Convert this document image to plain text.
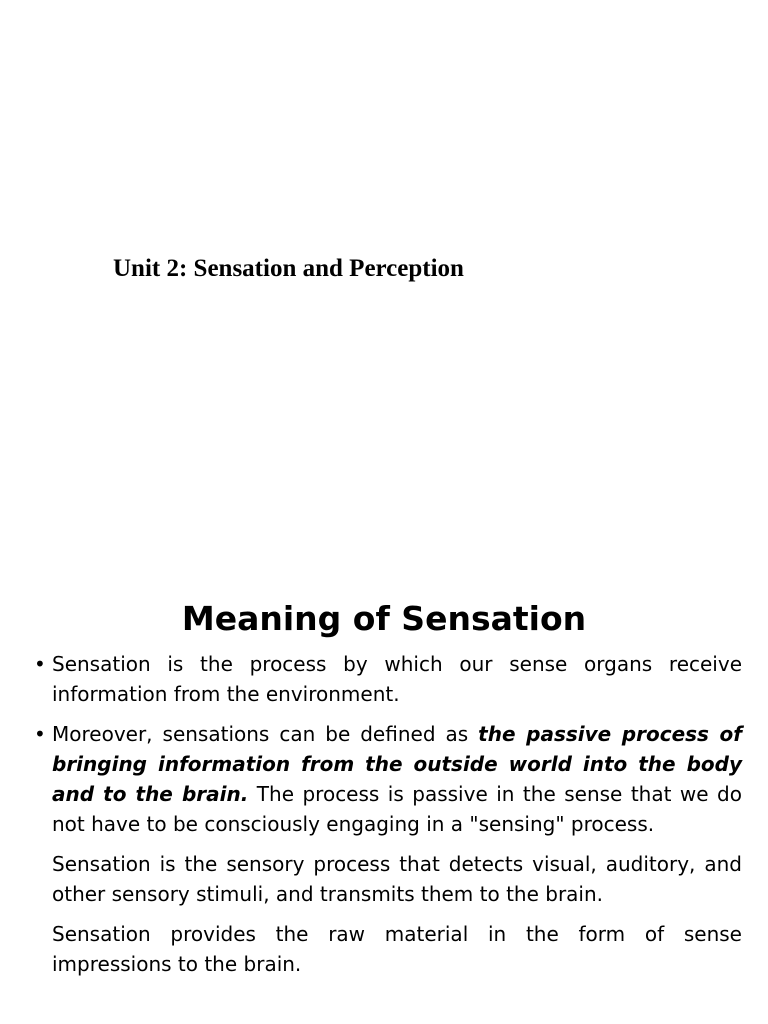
Unit 2: Sensation and Perception
Meaning of Sensation
• Sensation is the process by which our sense organs receive information from the environment.
• Moreover, sensations can be defined as the passive process of bringing information from the outside world into the body and to the brain. The process is passive in the sense that we do not have to be consciously engaging in a "sensing" process.
Sensation is the sensory process that detects visual, auditory, and other sensory stimuli, and transmits them to the brain.
Sensation provides the raw material in the form of sense impressions to the brain.
